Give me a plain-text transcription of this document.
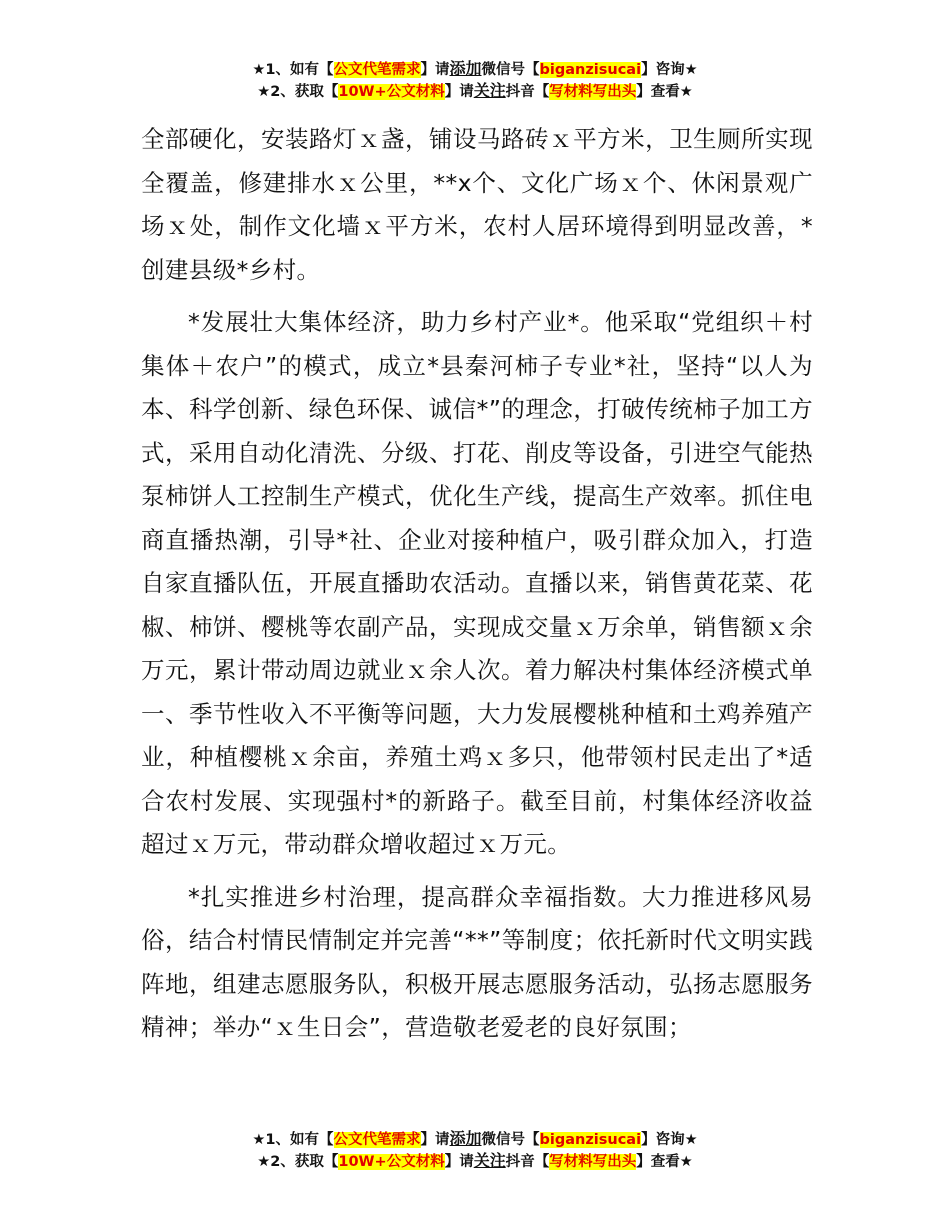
★1、如有【公文代笔需求】请添加微信号【biganzisucai】咨询★
★2、获取【10W+公文材料】请关注抖音【写材料写出头】查看★

全部硬化，安装路灯ｘ盏，铺设马路砖ｘ平方米，卫生厕所实现全覆盖，修建排水ｘ公里，**x个、文化广场ｘ个、休闲景观广场ｘ处，制作文化墙ｘ平方米，农村人居环境得到明显改善，*创建县级*乡村。

*发展壮大集体经济，助力乡村产业*。他采取“党组织＋村集体＋农户”的模式，成立*县秦河柿子专业*社，坚持“以人为本、科学创新、绿色环保、诚信*”的理念，打破传统柿子加工方式，采用自动化清洗、分级、打花、削皮等设备，引进空气能热泵柿饼人工控制生产模式，优化生产线，提高生产效率。抓住电商直播热潮，引导*社、企业对接种植户，吸引群众加入，打造自家直播队伍，开展直播助农活动。直播以来，销售黄花菜、花椒、柿饼、樱桃等农副产品，实现成交量ｘ万余单，销售额ｘ余万元，累计带动周边就业ｘ余人次。着力解决村集体经济模式单一、季节性收入不平衡等问题，大力发展樱桃种植和土鸡养殖产业，种植樱桃ｘ余亩，养殖土鸡ｘ多只，他带领村民走出了*适合农村发展、实现强村*的新路子。截至目前，村集体经济收益超过ｘ万元，带动群众增收超过ｘ万元。

*扎实推进乡村治理，提高群众幸福指数。大力推进移风易俗，结合村情民情制定并完善“**”等制度；依托新时代文明实践阵地，组建志愿服务队，积极开展志愿服务活动，弘扬志愿服务精神；举办“ｘ生日会”，营造敬老爱老的良好氛围；

★1、如有【公文代笔需求】请添加微信号【biganzisucai】咨询★
★2、获取【10W+公文材料】请关注抖音【写材料写出头】查看★
